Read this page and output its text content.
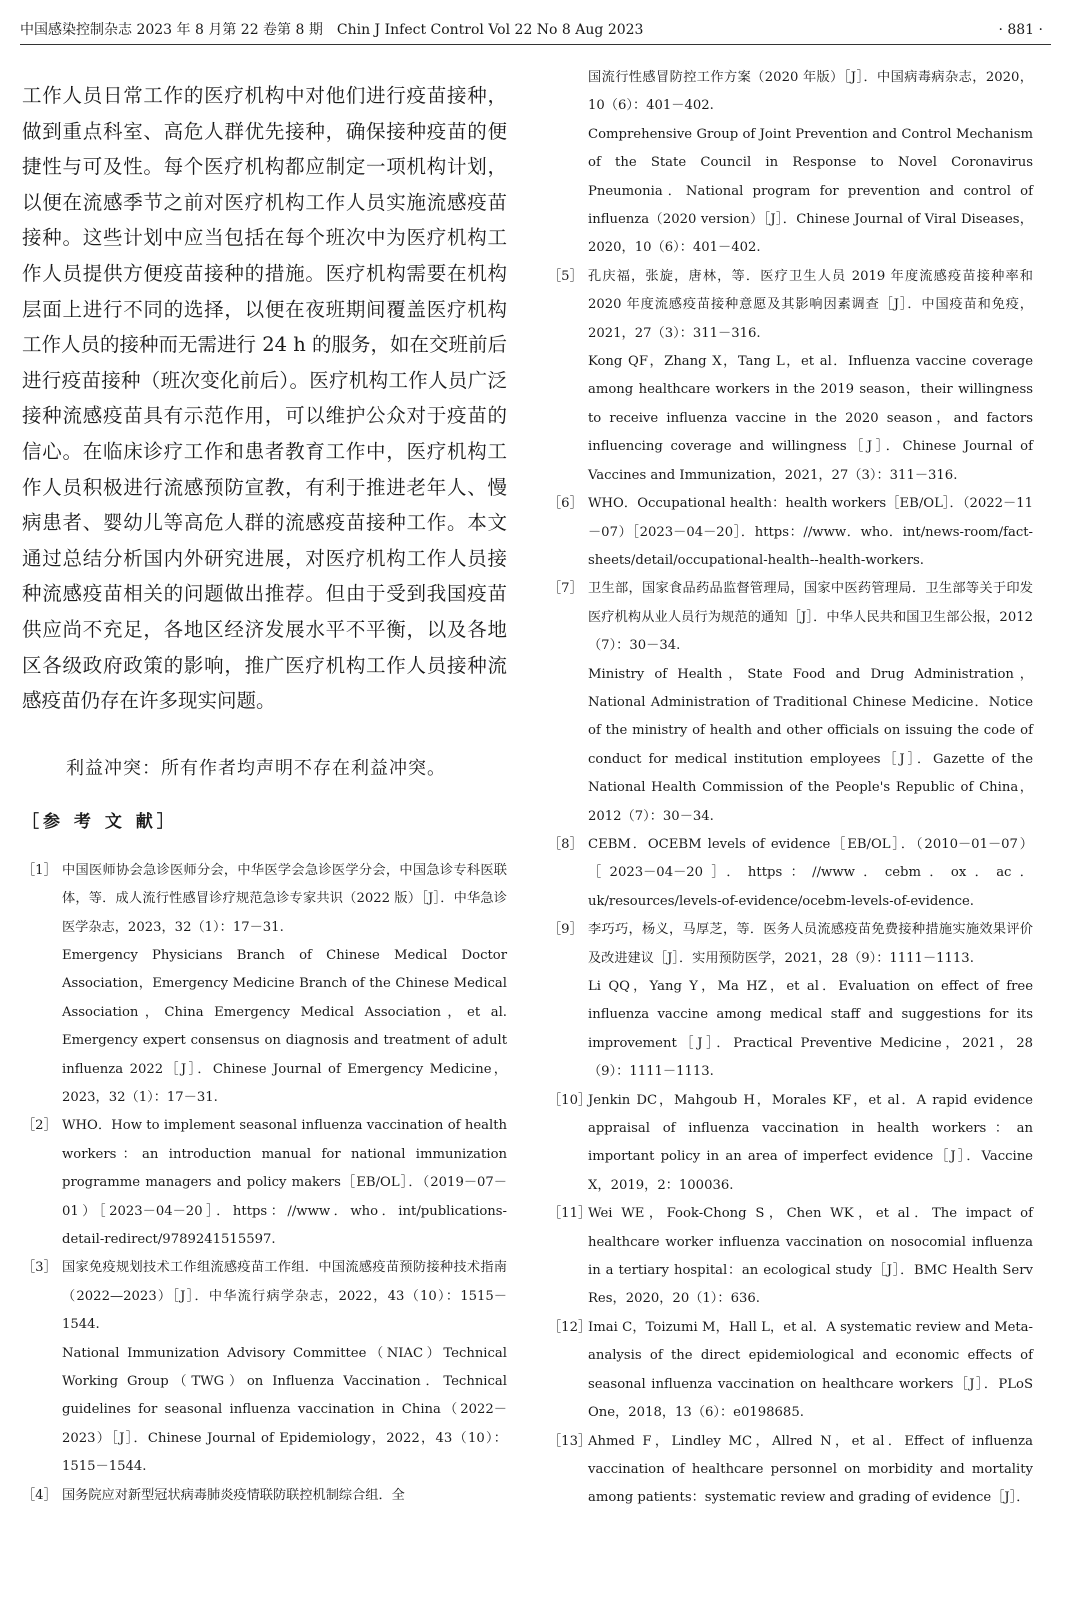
中国感染控制杂志 2023 年 8 月第 22 卷第 8 期　Chin J Infect Control Vol 22 No 8 Aug 2023	· 881 ·

工作人员日常工作的医疗机构中对他们进行疫苗接种，做到重点科室、高危人群优先接种，确保接种疫苗的便捷性与可及性。每个医疗机构都应制定一项机构计划，以便在流感季节之前对医疗机构工作人员实施流感疫苗接种。这些计划中应当包括在每个班次中为医疗机构工作人员提供方便疫苗接种的措施。医疗机构需要在机构层面上进行不同的选择，以便在夜班期间覆盖医疗机构工作人员的接种而无需进行 24 h 的服务，如在交班前后进行疫苗接种（班次变化前后）。医疗机构工作人员广泛接种流感疫苗具有示范作用，可以维护公众对于疫苗的信心。在临床诊疗工作和患者教育工作中，医疗机构工作人员积极进行流感预防宣教，有利于推进老年人、慢病患者、婴幼儿等高危人群的流感疫苗接种工作。本文通过总结分析国内外研究进展，对医疗机构工作人员接种流感疫苗相关的问题做出推荐。但由于受到我国疫苗供应尚不充足，各地区经济发展水平不平衡，以及各地区各级政府政策的影响，推广医疗机构工作人员接种流感疫苗仍存在许多现实问题。

利益冲突：所有作者均声明不存在利益冲突。

［参 考 文 献］

［1］ 中国医师协会急诊医师分会，中华医学会急诊医学分会，中国急诊专科医联体，等．成人流行性感冒诊疗规范急诊专家共识（2022 版）［J］．中华急诊医学杂志，2023，32（1）：17－31.

Emergency Physicians Branch of Chinese Medical Doctor Association，Emergency Medicine Branch of the Chinese Medical Association，China Emergency Medical Association，et al. Emergency expert consensus on diagnosis and treatment of adult influenza 2022［J］．Chinese Journal of Emergency Medicine，2023，32（1）：17－31.

［2］ WHO．How to implement seasonal influenza vaccination of health workers：an introduction manual for national immunization programme managers and policy makers［EB/OL］．（2019－07－01）［2023－04－20］．https：//www．who．int/publications-detail-redirect/9789241515597.

［3］ 国家免疫规划技术工作组流感疫苗工作组．中国流感疫苗预防接种技术指南（2022—2023）［J］．中华流行病学杂志，2022，43（10）：1515－1544.

National Immunization Advisory Committee（NIAC）Technical Working Group（TWG）on Influenza Vaccination．Technical guidelines for seasonal influenza vaccination in China（2022－2023）［J］．Chinese Journal of Epidemiology，2022，43（10）：1515－1544.

［4］ 国务院应对新型冠状病毒肺炎疫情联防联控机制综合组．全

国流行性感冒防控工作方案（2020 年版）［J］．中国病毒病杂志，2020，10（6）：401－402.

Comprehensive Group of Joint Prevention and Control Mechanism of the State Council in Response to Novel Coronavirus Pneumonia．National program for prevention and control of influenza（2020 version）［J］．Chinese Journal of Viral Diseases，2020，10（6）：401－402.

［5］ 孔庆福，张旋，唐林，等．医疗卫生人员 2019 年度流感疫苗接种率和 2020 年度流感疫苗接种意愿及其影响因素调查［J］．中国疫苗和免疫，2021，27（3）：311－316.

Kong QF，Zhang X，Tang L，et al．Influenza vaccine coverage among healthcare workers in the 2019 season，their willingness to receive influenza vaccine in the 2020 season，and factors influencing coverage and willingness［J］．Chinese Journal of Vaccines and Immunization，2021，27（3）：311－316.

［6］ WHO．Occupational health：health workers［EB/OL］．（2022－11－07）［2023－04－20］．https：//www．who．int/news-room/fact-sheets/detail/occupational-health--health-workers.

［7］ 卫生部，国家食品药品监督管理局，国家中医药管理局．卫生部等关于印发医疗机构从业人员行为规范的通知［J］．中华人民共和国卫生部公报，2012（7）：30－34.

Ministry of Health，State Food and Drug Administration，National Administration of Traditional Chinese Medicine．Notice of the ministry of health and other officials on issuing the code of conduct for medical institution employees［J］．Gazette of the National Health Commission of the People's Republic of China，2012（7）：30－34.

［8］ CEBM．OCEBM levels of evidence［EB/OL］．（2010－01－07）［2023－04－20］．https：//www．cebm．ox．ac．uk/resources/levels-of-evidence/ocebm-levels-of-evidence.

［9］ 李巧巧，杨义，马厚芝，等．医务人员流感疫苗免费接种措施实施效果评价及改进建议［J］．实用预防医学，2021，28（9）：1111－1113.

Li QQ，Yang Y，Ma HZ，et al．Evaluation on effect of free influenza vaccine among medical staff and suggestions for its improvement［J］．Practical Preventive Medicine，2021，28（9）：1111－1113.

［10］

Jenkin DC，Mahgoub H，Morales KF，et al．A rapid evidence appraisal of influenza vaccination in health workers：an important policy in an area of imperfect evidence［J］．Vaccine X，2019，2：100036.

［11］

Wei WE，Fook-Chong S，Chen WK，et al．The impact of healthcare worker influenza vaccination on nosocomial influenza in a tertiary hospital：an ecological study［J］．BMC Health Serv Res，2020，20（1）：636.

［12］

Imai C，Toizumi M，Hall L，et al．A systematic review and Meta-analysis of the direct epidemiological and economic effects of seasonal influenza vaccination on healthcare workers［J］．PLoS One，2018，13（6）：e0198685.

［13］

Ahmed F，Lindley MC，Allred N，et al．Effect of influenza vaccination of healthcare personnel on morbidity and mortality among patients：systematic review and grading of evidence［J］．
